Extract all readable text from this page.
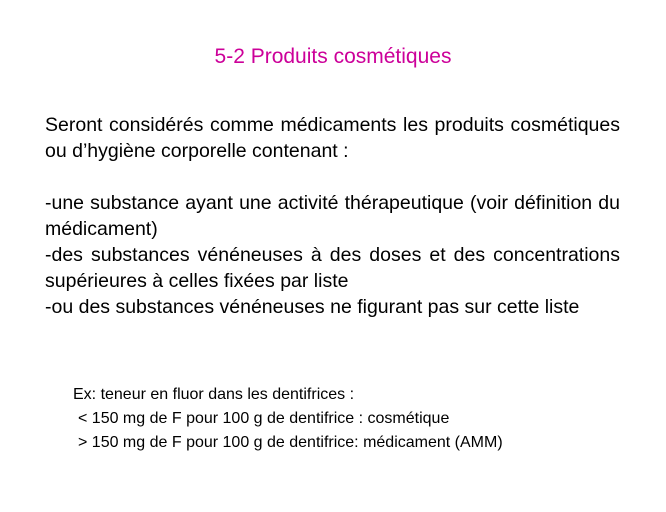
5-2 Produits cosmétiques

Seront considérés comme médicaments les produits cosmétiques ou d’hygiène corporelle contenant :

-une substance ayant une activité thérapeutique (voir définition du médicament)

-des substances vénéneuses à des doses et des concentrations supérieures à celles fixées par liste

-ou des substances vénéneuses ne figurant pas sur cette liste

Ex: teneur en fluor dans les dentifrices :

< 150 mg de F pour 100 g de dentifrice : cosmétique

> 150 mg de F pour 100 g de dentifrice: médicament (AMM)
